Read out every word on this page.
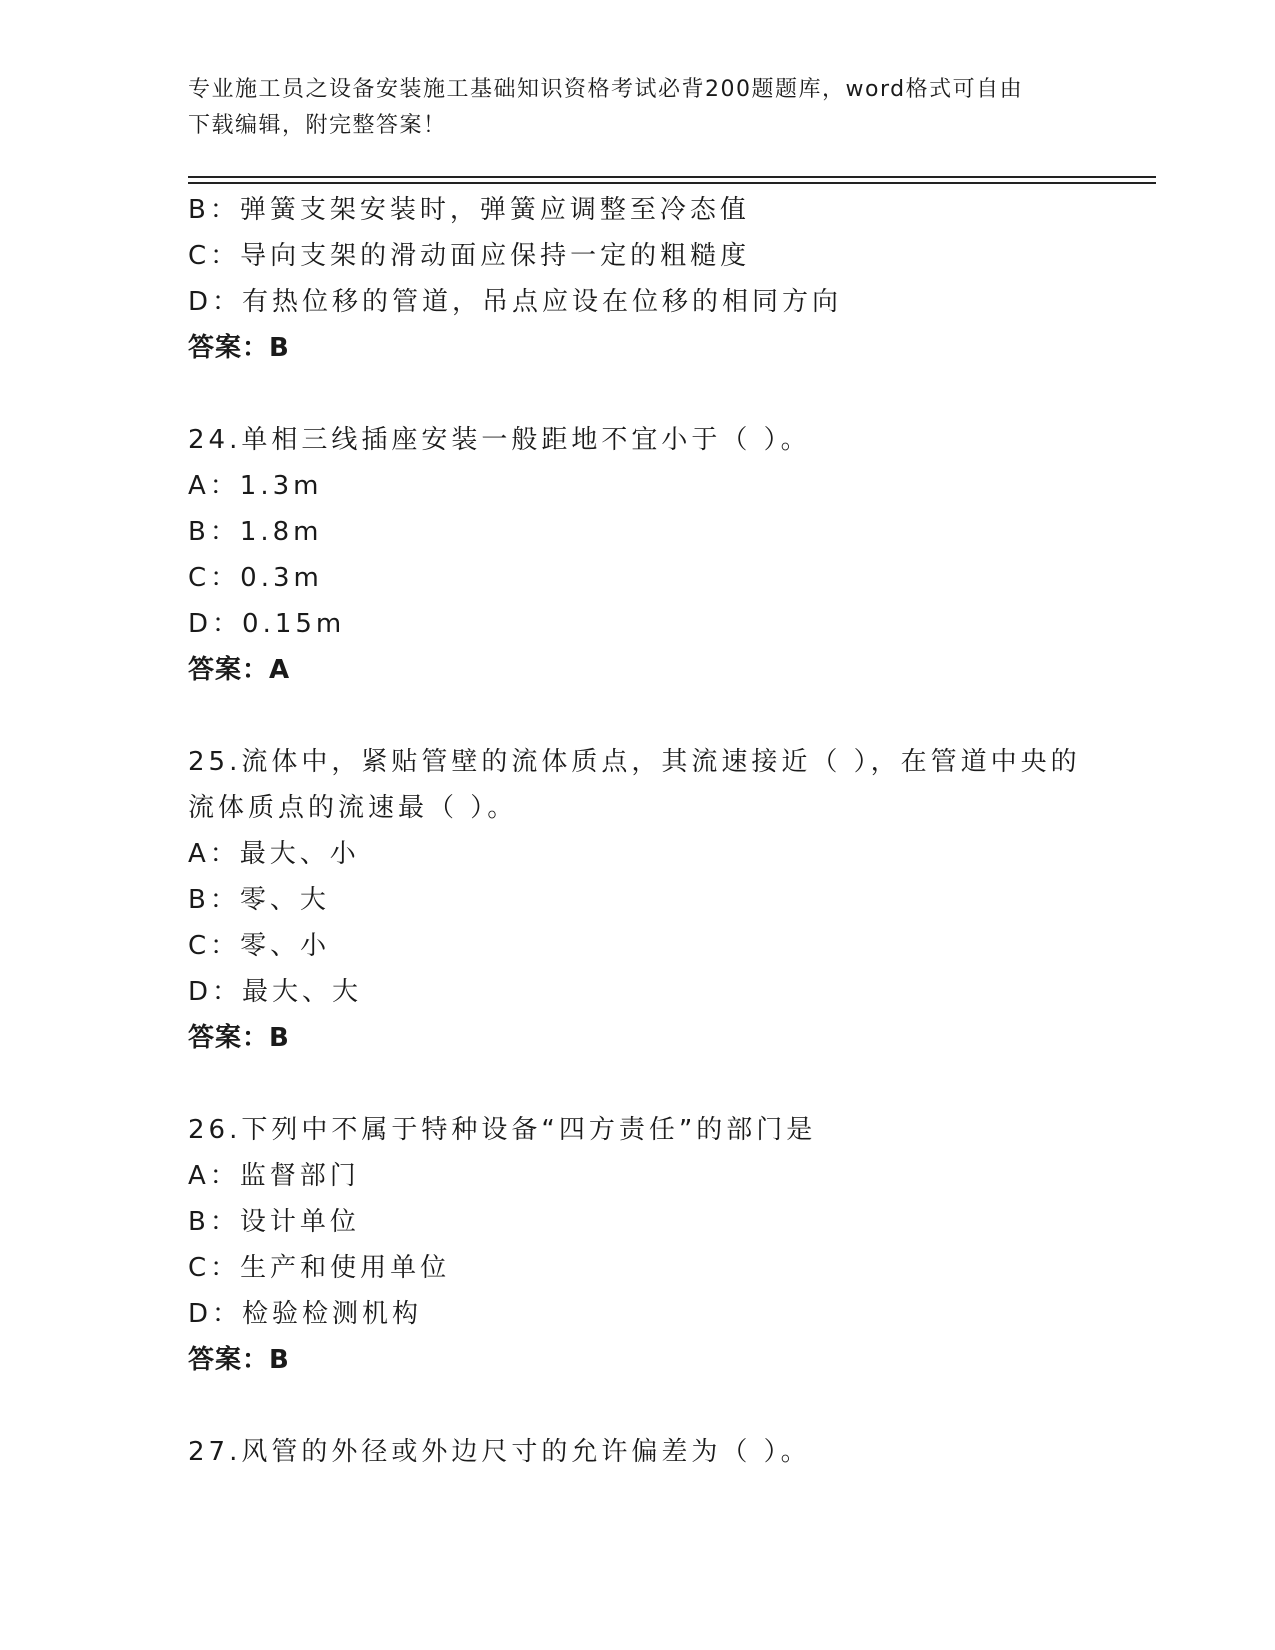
专业施工员之设备安装施工基础知识资格考试必背200题题库，word格式可自由
下载编辑，附完整答案！
B：弹簧支架安装时，弹簧应调整至冷态值
C：导向支架的滑动面应保持一定的粗糙度
D：有热位移的管道，吊点应设在位移的相同方向
答案：B
24.单相三线插座安装一般距地不宜小于（ ）。
A：1.3m
B：1.8m
C：0.3m
D：0.15m
答案：A
25.流体中，紧贴管壁的流体质点，其流速接近（ ），在管道中央的
流体质点的流速最（ ）。
A：最大、小
B：零、大
C：零、小
D：最大、大
答案：B
26.下列中不属于特种设备“四方责任”的部门是
A：监督部门
B：设计单位
C：生产和使用单位
D：检验检测机构
答案：B
27.风管的外径或外边尺寸的允许偏差为（ ）。
